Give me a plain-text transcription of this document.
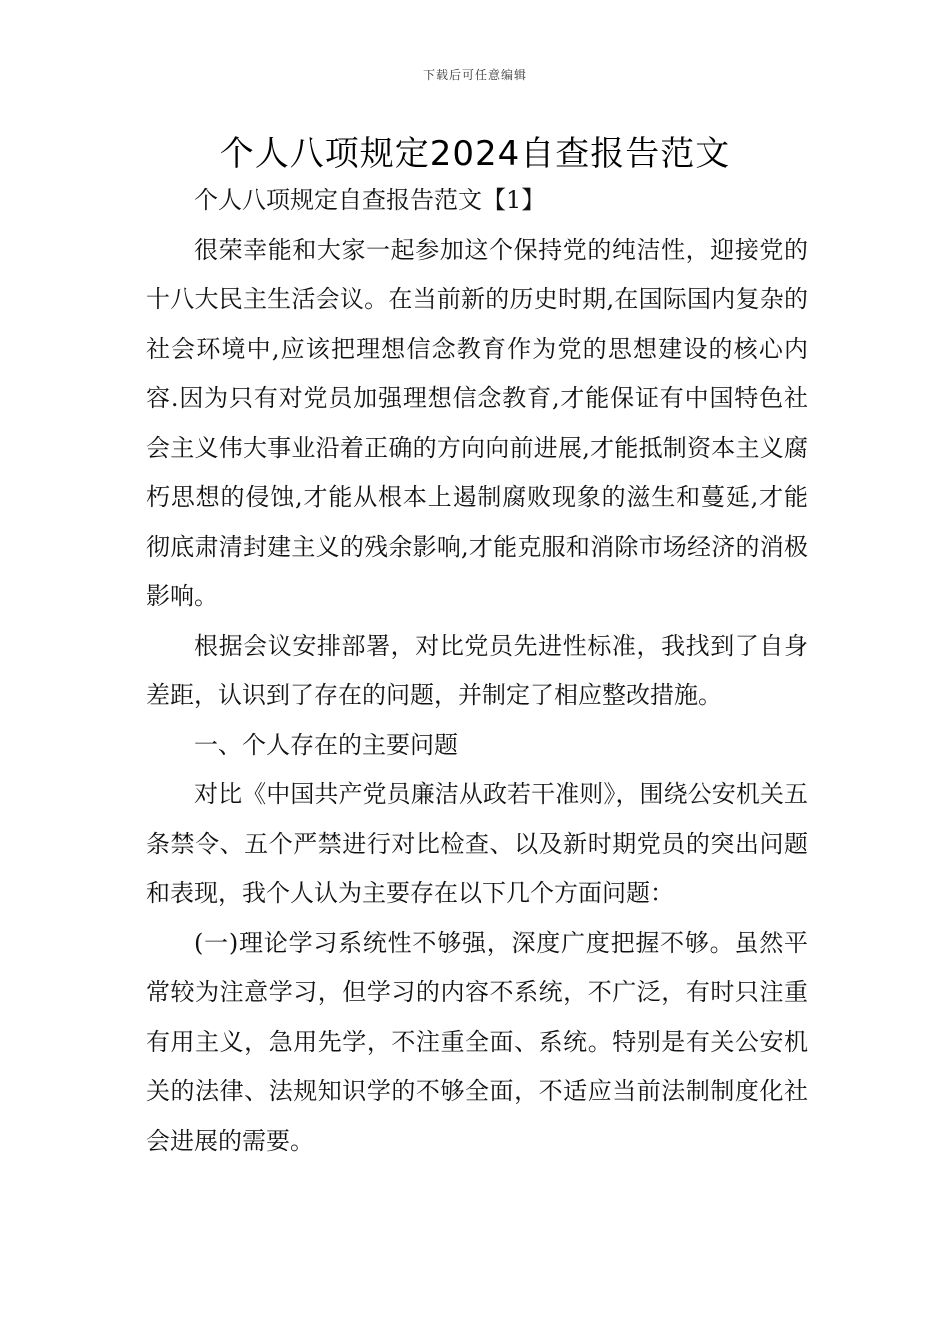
下载后可任意编辑
个人八项规定2024自查报告范文

个人八项规定自查报告范文【1】

很荣幸能和大家一起参加这个保持党的纯洁性，迎接党的十八大民主生活会议。在当前新的历史时期,在国际国内复杂的社会环境中,应该把理想信念教育作为党的思想建设的核心内容.因为只有对党员加强理想信念教育,才能保证有中国特色社会主义伟大事业沿着正确的方向向前进展,才能抵制资本主义腐朽思想的侵蚀,才能从根本上遏制腐败现象的滋生和蔓延,才能彻底肃清封建主义的残余影响,才能克服和消除市场经济的消极影响。

根据会议安排部署，对比党员先进性标准，我找到了自身差距，认识到了存在的问题，并制定了相应整改措施。

一、个人存在的主要问题

对比《中国共产党员廉洁从政若干准则》，围绕公安机关五条禁令、五个严禁进行对比检查、以及新时期党员的突出问题和表现，我个人认为主要存在以下几个方面问题：

(一)理论学习系统性不够强，深度广度把握不够。虽然平常较为注意学习，但学习的内容不系统，不广泛，有时只注重有用主义，急用先学，不注重全面、系统。特别是有关公安机关的法律、法规知识学的不够全面，不适应当前法制制度化社会进展的需要。
